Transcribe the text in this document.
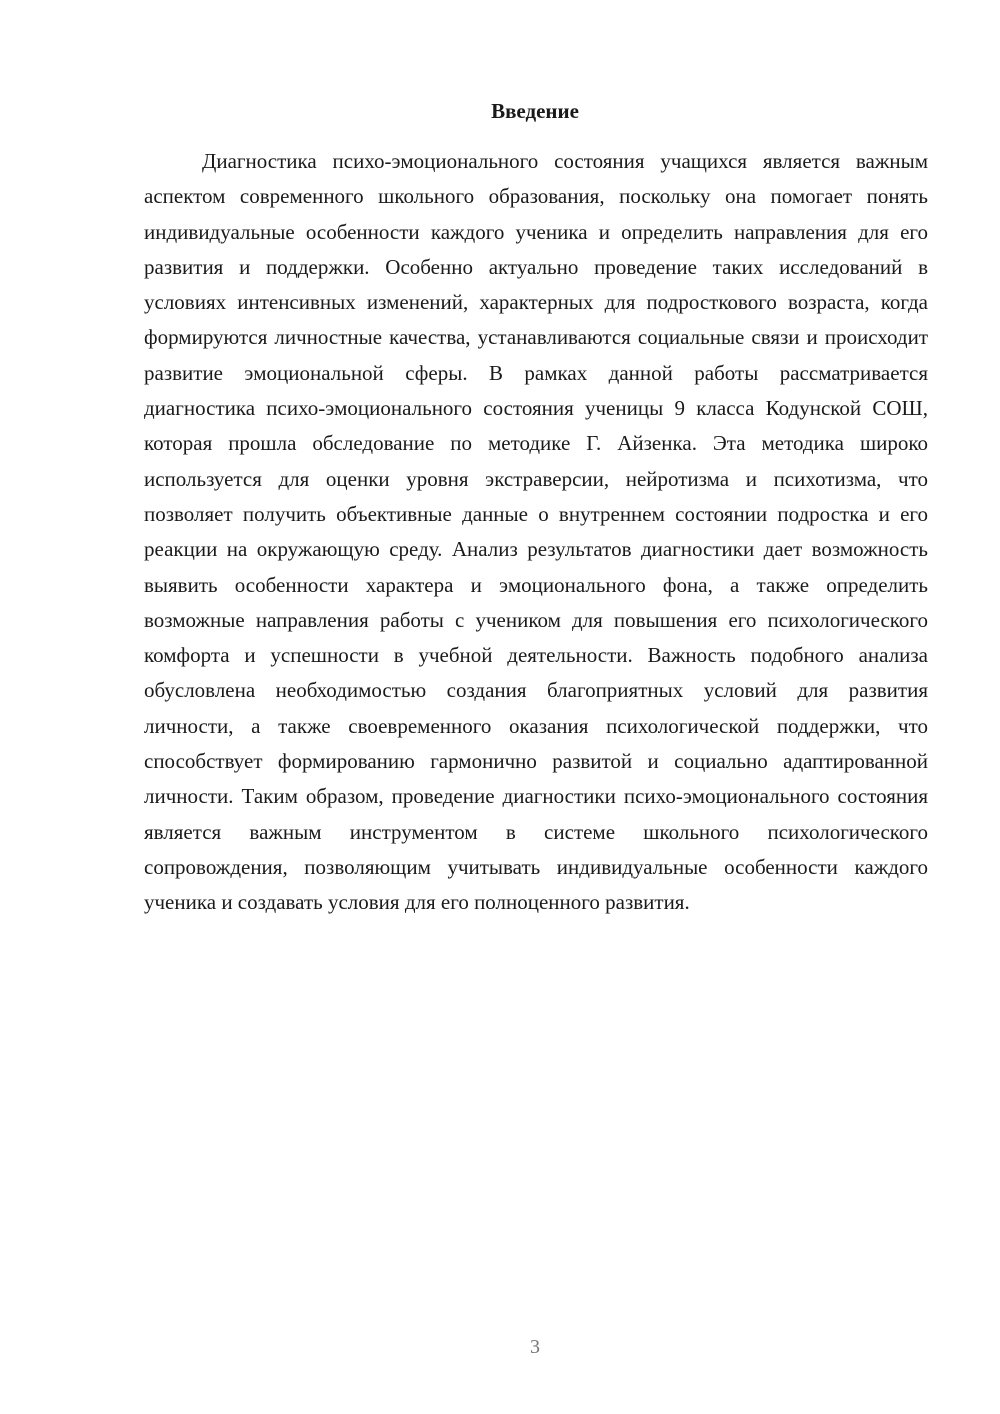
Введение

Диагностика психо-эмоционального состояния учащихся является важным аспектом современного школьного образования, поскольку она помогает понять индивидуальные особенности каждого ученика и определить направления для его развития и поддержки. Особенно актуально проведение таких исследований в условиях интенсивных изменений, характерных для подросткового возраста, когда формируются личностные качества, устанавливаются социальные связи и происходит развитие эмоциональной сферы. В рамках данной работы рассматривается диагностика психо-эмоционального состояния ученицы 9 класса Кодунской СОШ, которая прошла обследование по методике Г. Айзенка. Эта методика широко используется для оценки уровня экстраверсии, нейротизма и психотизма, что позволяет получить объективные данные о внутреннем состоянии подростка и его реакции на окружающую среду. Анализ результатов диагностики дает возможность выявить особенности характера и эмоционального фона, а также определить возможные направления работы с учеником для повышения его психологического комфорта и успешности в учебной деятельности. Важность подобного анализа обусловлена необходимостью создания благоприятных условий для развития личности, а также своевременного оказания психологической поддержки, что способствует формированию гармонично развитой и социально адаптированной личности. Таким образом, проведение диагностики психо-эмоционального состояния является важным инструментом в системе школьного психологического сопровождения, позволяющим учитывать индивидуальные особенности каждого ученика и создавать условия для его полноценного развития.

3
